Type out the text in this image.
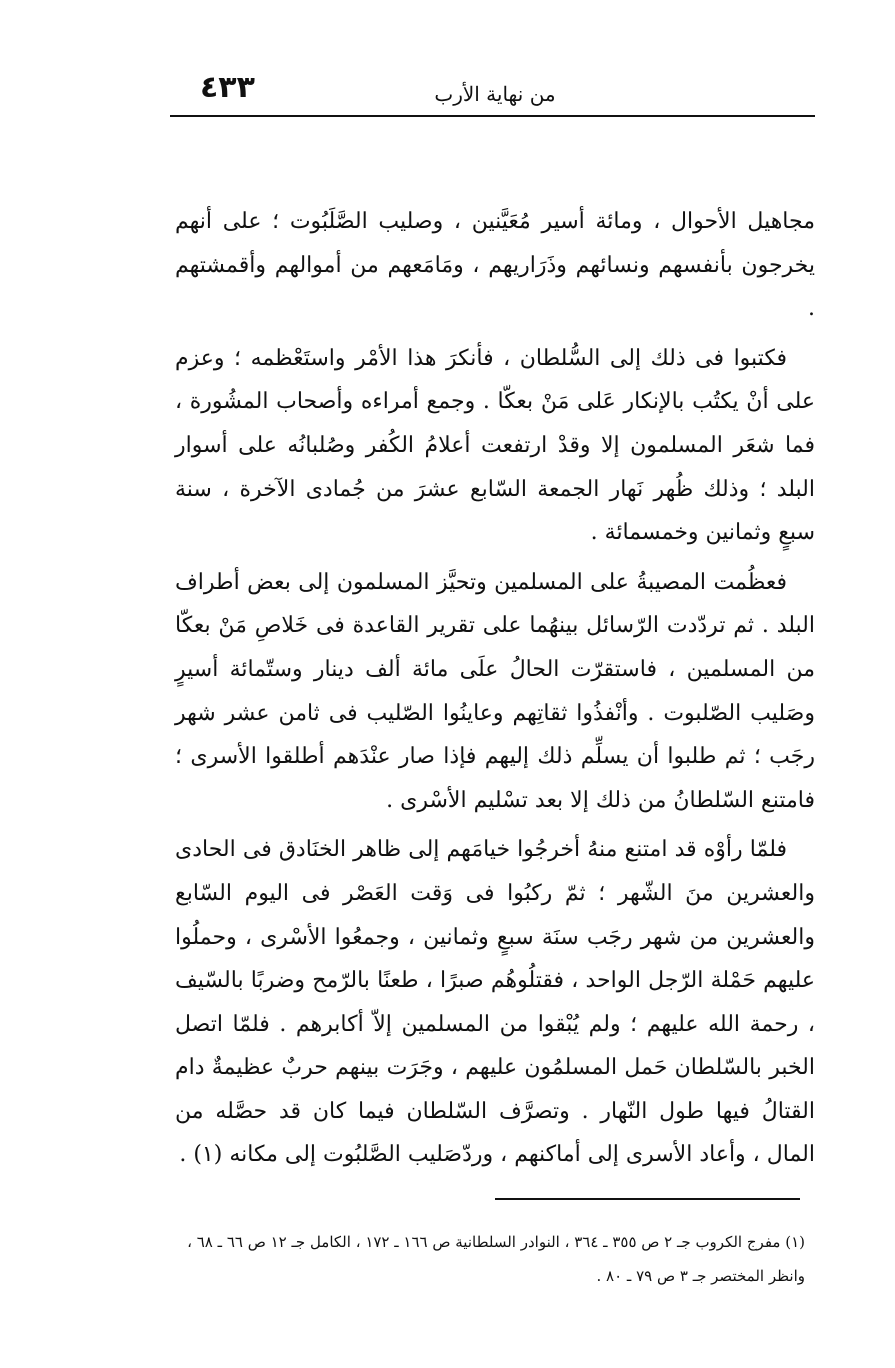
٤٣٣	من نهاية الأرب

مجاهيل الأحوال ، ومائة أسير مُعَيَّنين ، وصليب الصَّلَبُوت ؛ على أنهم يخرجون بأنفسهم ونسائهم وذَرَاريهم ، ومَامَعهم من أموالهم وأقمشتهم .

فكتبوا فى ذلك إلى السُّلطان ، فأنكرَ هذا الأمْر واستَعْظمه ؛ وعزم على أنْ يكتُب بالإنكار عَلى مَنْ بعكّا . وجمع أمراءه وأصحاب المشُورة ، فما شعَر المسلمون إلا وقدْ ارتفعت أعلامُ الكُفر وصُلبانُه على أسوار البلد ؛ وذلك ظُهر نَهار الجمعة السّابع عشرَ من جُمادى الآخرة ، سنة سبعٍ وثمانين وخمسمائة .

فعظُمت المصيبةُ على المسلمين وتحيَّز المسلمون إلى بعض أطراف البلد . ثم تردّدت الرّسائل بينهُما على تقرير القاعدة فى خَلاصِ مَنْ بعكّا من المسلمين ، فاستقرّت الحالُ علَى مائة ألف دينار وستّمائة أسيرٍ وصَليب الصّلبوت . وأنْفذُوا ثقاتِهم وعاينُوا الصّليب فى ثامن عشر شهر رجَب ؛ ثم طلبوا أن يسلِّم ذلك إليهم فإذا صار عنْدَهم أطلقوا الأسرى ؛ فامتنع السّلطانُ من ذلك إلا بعد تسْليم الأسْرى .

فلمّا رأوْه قد امتنع منهُ أخرجُوا خيامَهم إلى ظاهر الخنَادق فى الحادى والعشرين منَ الشّهر ؛ ثمّ ركبُوا فى وَقت العَصْر فى اليوم السّابع والعشرين من شهر رجَب سنَة سبعٍ وثمانين ، وجمعُوا الأسْرى ، وحملُوا عليهم حَمْلة الرّجل الواحد ، فقتلُوهُم صبرًا ، طعنًا بالرّمح وضربًا بالسّيف ، رحمة الله عليهم ؛ ولم يُبْقوا من المسلمين إلاّ أكابرهم . فلمّا اتصل الخبر بالسّلطان حَمل المسلمُون عليهم ، وجَرَت بينهم حربٌ عظيمةٌ دام القتالُ فيها طول النّهار . وتصرَّف السّلطان فيما كان قد حصَّله من المال ، وأعاد الأسرى إلى أماكنهم ، وردّصَليب الصَّلبُوت إلى مكانه (١) .

(١) مفرج الكروب جـ ٢ ص ٣٥٥ ـ ٣٦٤ ، النوادر السلطانية ص ١٦٦ ـ ١٧٢ ، الكامل جـ ١٢ ص ٦٦ ـ ٦٨ ، وانظر المختصر جـ ٣ ص ٧٩ ـ ٨٠ .
